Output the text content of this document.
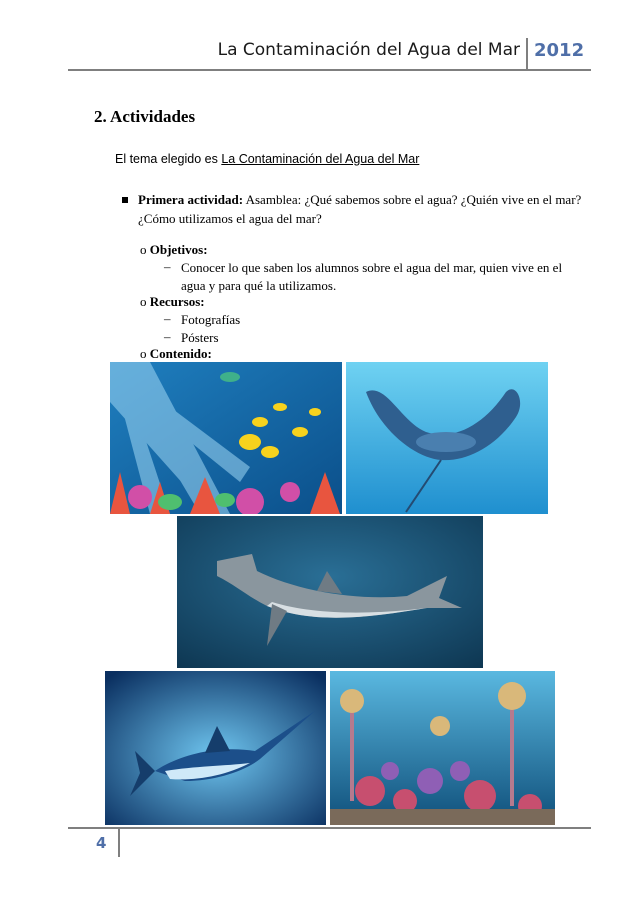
La Contaminación del Agua del Mar 2012
2. Actividades
El tema elegido es La Contaminación del Agua del Mar
Primera actividad: Asamblea: ¿Qué sabemos sobre el agua? ¿Quién vive en el mar? ¿Cómo utilizamos el agua del mar?
o Objetivos:
– Conocer lo que saben los alumnos sobre el agua del mar, quien vive en el agua y para qué la utilizamos.
o Recursos:
– Fotografías
– Pósters
o Contenido:
4
